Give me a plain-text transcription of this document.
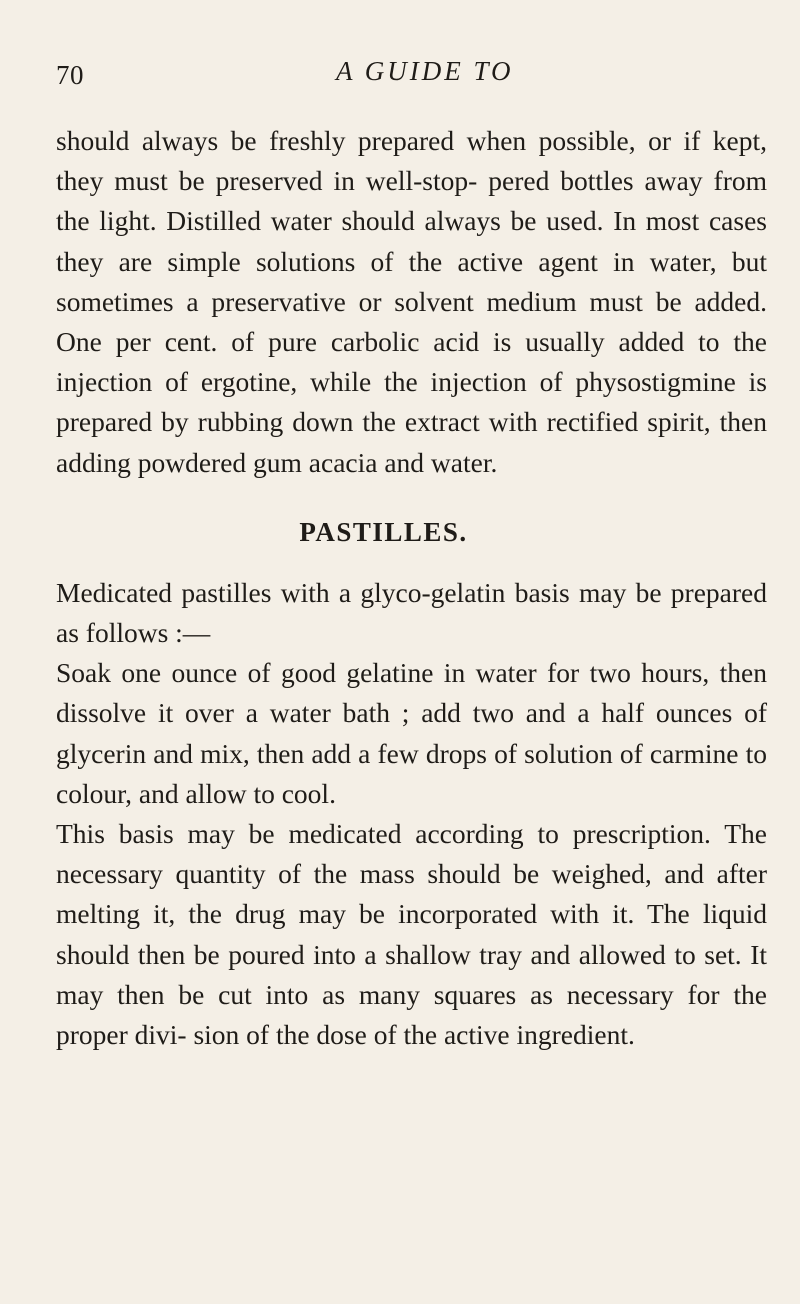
70	A GUIDE TO

should always be freshly prepared when possible, or if kept, they must be preserved in well-stop- pered bottles away from the light. Distilled water should always be used. In most cases they are simple solutions of the active agent in water, but sometimes a preservative or solvent medium must be added. One per cent. of pure carbolic acid is usually added to the injection of ergotine, while the injection of physostigmine is prepared by rubbing down the extract with rectified spirit, then adding powdered gum acacia and water.

PASTILLES.

Medicated pastilles with a glyco-gelatin basis may be prepared as follows :—

Soak one ounce of good gelatine in water for two hours, then dissolve it over a water bath ; add two and a half ounces of glycerin and mix, then add a few drops of solution of carmine to colour, and allow to cool.

This basis may be medicated according to prescription. The necessary quantity of the mass should be weighed, and after melting it, the drug may be incorporated with it. The liquid should then be poured into a shallow tray and allowed to set. It may then be cut into as many squares as necessary for the proper divi- sion of the dose of the active ingredient.
